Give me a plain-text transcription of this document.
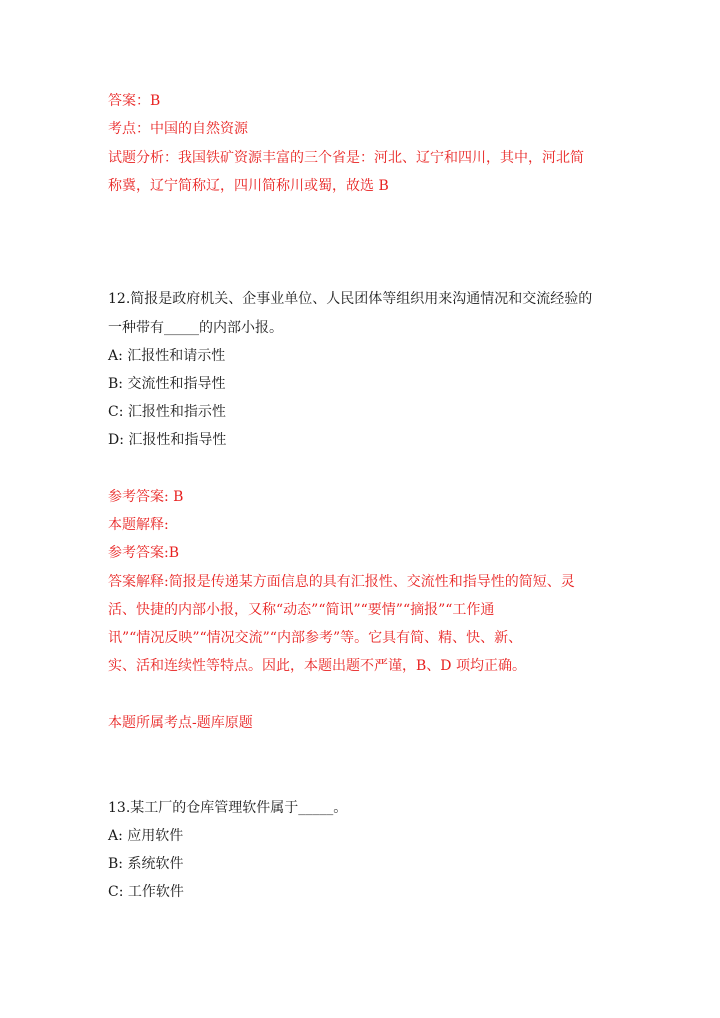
答案：B
考点：中国的自然资源
试题分析：我国铁矿资源丰富的三个省是：河北、辽宁和四川，其中，河北简
称冀，辽宁简称辽，四川简称川或蜀，故选 B
12.简报是政府机关、企事业单位、人民团体等组织用来沟通情况和交流经验的
一种带有_____的内部小报。
A: 汇报性和请示性
B: 交流性和指导性
C: 汇报性和指示性
D: 汇报性和指导性
参考答案: B
本题解释:
参考答案:B
答案解释:简报是传递某方面信息的具有汇报性、交流性和指导性的简短、灵
活、快捷的内部小报，又称“动态”“简讯”“要情”“摘报”“工作通
讯”“情况反映”“情况交流”“内部参考”等。它具有简、精、快、新、
实、活和连续性等特点。因此，本题出题不严谨，B、D 项均正确。
本题所属考点-题库原题
13.某工厂的仓库管理软件属于_____。
A: 应用软件
B: 系统软件
C: 工作软件
